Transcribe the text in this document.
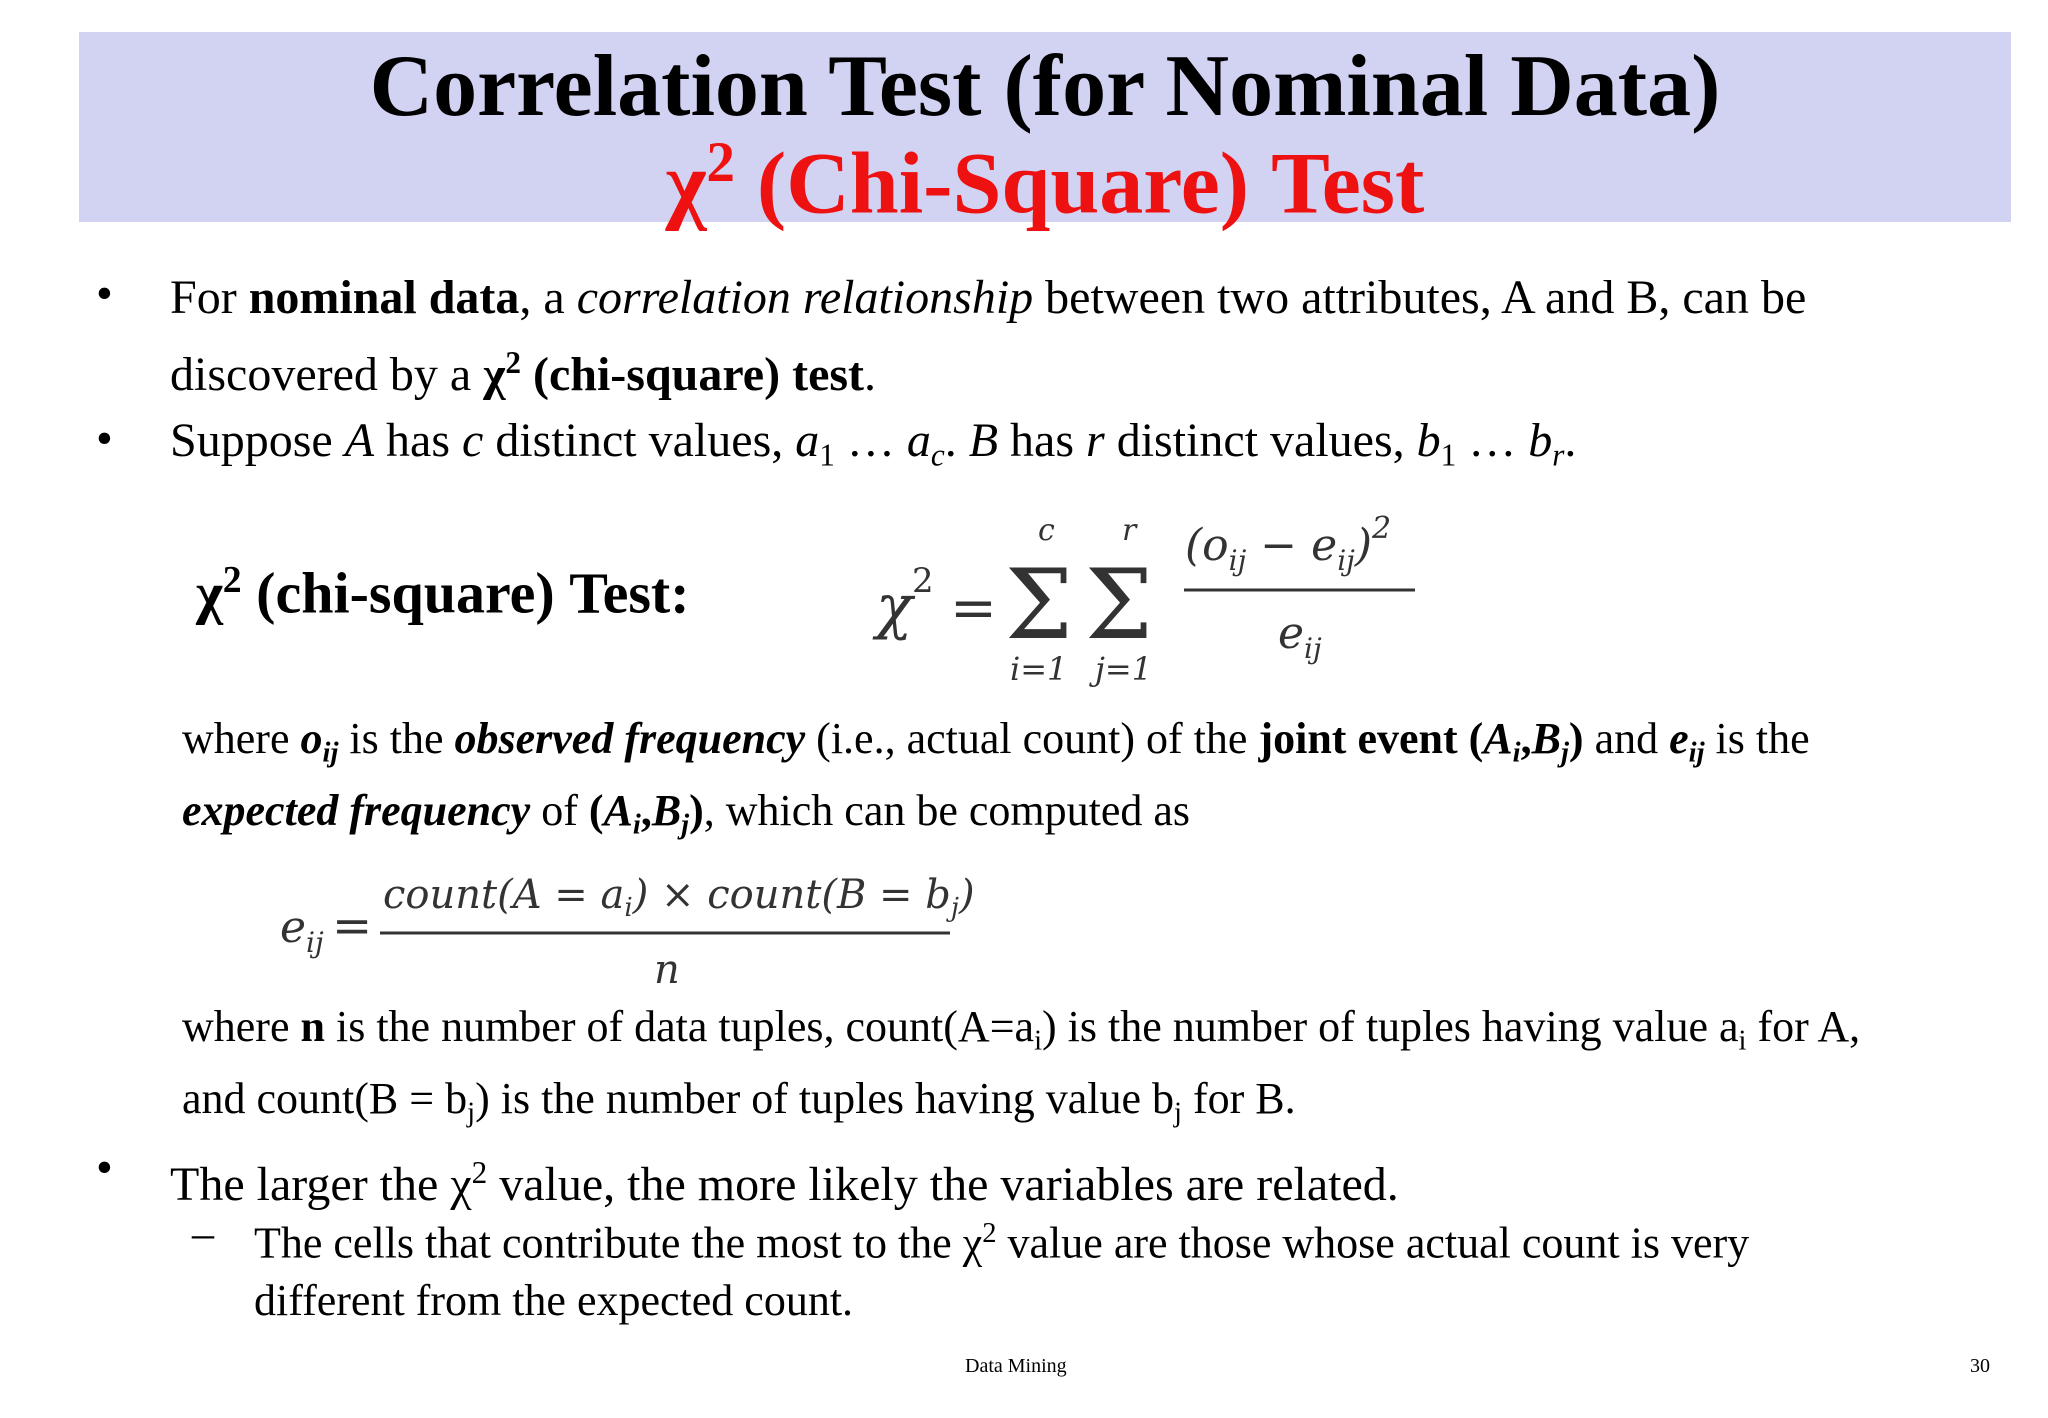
Correlation Test (for Nominal Data)
$\chi^2$ (Chi-Square) Test
• For nominal data, a correlation relationship between two attributes, A and B, can be
discovered by a $\chi^2$ (chi-square) test.
• Suppose A has c distinct values, $a_1$ … $a_c$. B has r distinct values, $b_1$ … $b_r$.
$\chi^2$ (chi-square) Test:	χ 2 = Σ Σ
c r
i=1 j=1
$(o_{ij} - e_{ij})^2$
$e_{ij}$
where $o_{ij}$ is the observed frequency (i.e., actual count) of the joint event $(A_i,B_j)$ and $e_{ij}$ is the
expected frequency of $(A_i,B_j)$, which can be computed as
$e_{ij}$ =
count(A = $a_i$) × count(B = $b_j$)
n
where n is the number of data tuples, $count(A=a_i)$ is the number of tuples having value $a_i$ for A,
and count(B = $b_j$) is the number of tuples having value $b_j$ for B.
• The larger the $\chi^2$ value, the more likely the variables are related.
– The cells that contribute the most to the $\chi^2$ value are those whose actual count is very
different from the expected count.
Data Mining	30
